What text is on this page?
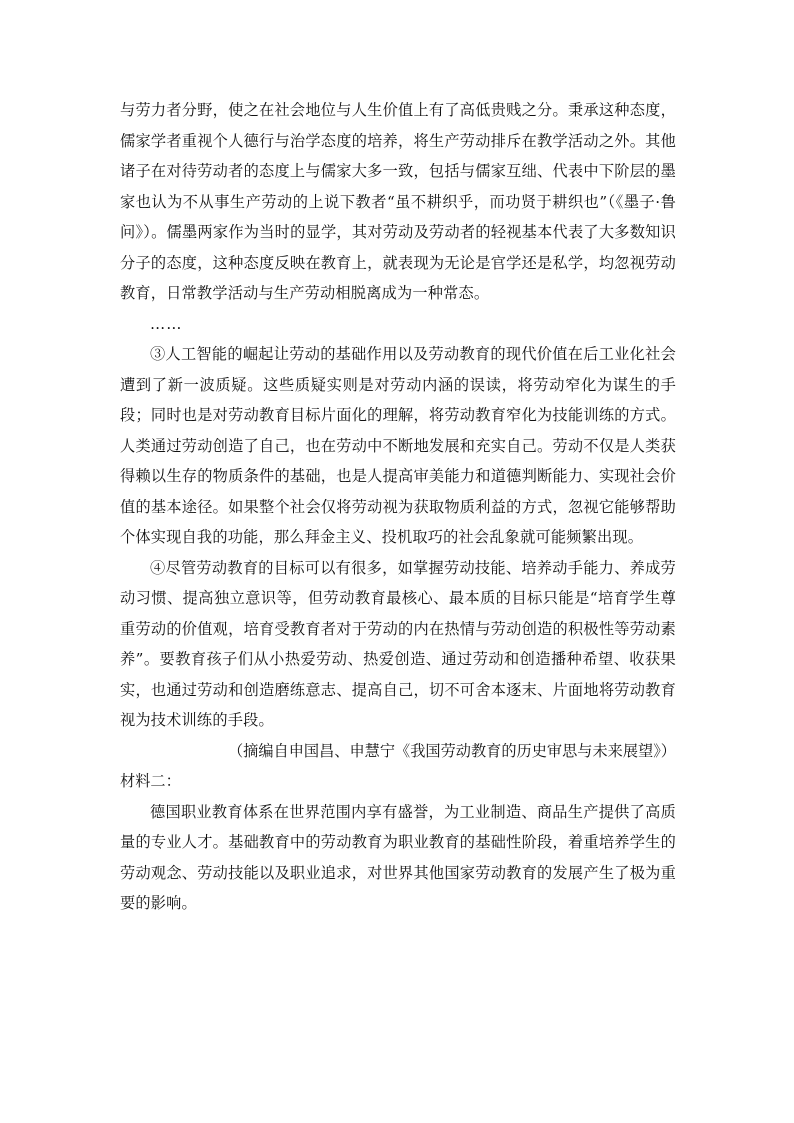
与劳力者分野，使之在社会地位与人生价值上有了高低贵贱之分。秉承这种态度，儒家学者重视个人德行与治学态度的培养，将生产劳动排斥在教学活动之外。其他诸子在对待劳动者的态度上与儒家大多一致，包括与儒家互绌、代表中下阶层的墨家也认为不从事生产劳动的上说下教者“虽不耕织乎，而功贤于耕织也”（《墨子·鲁问》）。儒墨两家作为当时的显学，其对劳动及劳动者的轻视基本代表了大多数知识分子的态度，这种态度反映在教育上，就表现为无论是官学还是私学，均忽视劳动教育，日常教学活动与生产劳动相脱离成为一种常态。

……

③人工智能的崛起让劳动的基础作用以及劳动教育的现代价值在后工业化社会遭到了新一波质疑。这些质疑实则是对劳动内涵的误读，将劳动窄化为谋生的手段；同时也是对劳动教育目标片面化的理解，将劳动教育窄化为技能训练的方式。人类通过劳动创造了自己，也在劳动中不断地发展和充实自己。劳动不仅是人类获得赖以生存的物质条件的基础，也是人提高审美能力和道德判断能力、实现社会价值的基本途径。如果整个社会仅将劳动视为获取物质利益的方式，忽视它能够帮助个体实现自我的功能，那么拜金主义、投机取巧的社会乱象就可能频繁出现。

④尽管劳动教育的目标可以有很多，如掌握劳动技能、培养动手能力、养成劳动习惯、提高独立意识等，但劳动教育最核心、最本质的目标只能是“培育学生尊重劳动的价值观，培育受教育者对于劳动的内在热情与劳动创造的积极性等劳动素养”。要教育孩子们从小热爱劳动、热爱创造、通过劳动和创造播种希望、收获果实，也通过劳动和创造磨练意志、提高自己，切不可舍本逐末、片面地将劳动教育视为技术训练的手段。

（摘编自申国昌、申慧宁《我国劳动教育的历史审思与未来展望》）

材料二：

德国职业教育体系在世界范围内享有盛誉，为工业制造、商品生产提供了高质量的专业人才。基础教育中的劳动教育为职业教育的基础性阶段，着重培养学生的劳动观念、劳动技能以及职业追求，对世界其他国家劳动教育的发展产生了极为重要的影响。
